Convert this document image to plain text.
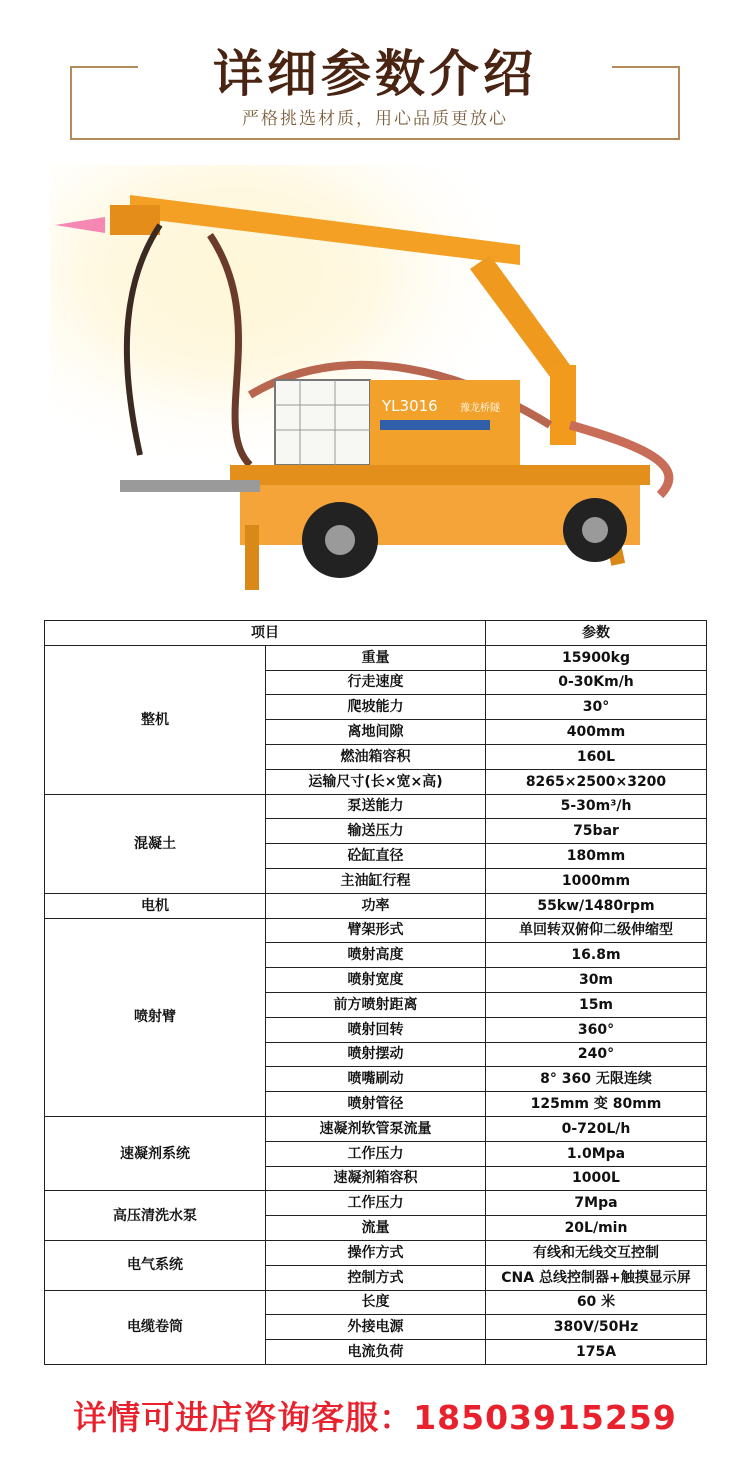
详细参数介绍
严格挑选材质，用心品质更放心
YL3016 豫龙桥隧
项目		参数
整机	重量	15900kg
	行走速度	0-30Km/h
	爬坡能力	30°
	离地间隙	400mm
	燃油箱容积	160L
	运输尺寸(长×宽×高)	8265×2500×3200
混凝土	泵送能力	5-30m³/h
	输送压力	75bar
	砼缸直径	180mm
	主油缸行程	1000mm
电机	功率	55kw/1480rpm
喷射臂	臂架形式	单回转双俯仰二级伸缩型
	喷射高度	16.8m
	喷射宽度	30m
	前方喷射距离	15m
	喷射回转	360°
	喷射摆动	240°
	喷嘴刷动	8° 360 无限连续
	喷射管径	125mm 变 80mm
速凝剂系统	速凝剂软管泵流量	0-720L/h
	工作压力	1.0Mpa
	速凝剂箱容积	1000L
高压清洗水泵	工作压力	7Mpa
	流量	20L/min
电气系统	操作方式	有线和无线交互控制
	控制方式	CNA 总线控制器+触摸显示屏
电缆卷筒	长度	60 米
	外接电源	380V/50Hz
	电流负荷	175A
详情可进店咨询客服：18503915259
